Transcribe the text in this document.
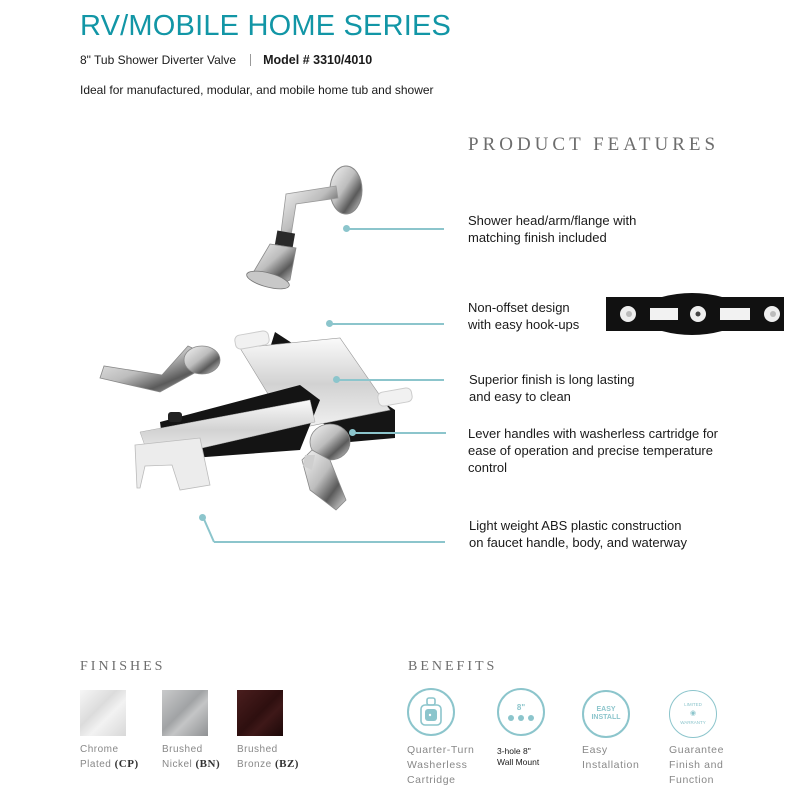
RV/MOBILE HOME SERIES
8" Tub Shower Diverter Valve Model # 3310/4010
Ideal for manufactured, modular, and mobile home tub and shower
PRODUCT FEATURES
Shower head/arm/flange with
matching finish included
Non-offset design
with easy hook-ups
Superior finish is long lasting
and easy to clean
Lever handles with washerless cartridge for
ease of operation and precise temperature
control
Light weight ABS plastic construction
on faucet handle, body, and waterway
FINISHES
Chrome
Plated (CP)
Brushed
Nickel (BN)
Brushed
Bronze (BZ)
BENEFITS
Quarter-Turn
Washerless
Cartridge
8"
3-hole 8"
Wall Mount
EASY
INSTALL
Easy
Installation
LIMITED
◉
WARRANTY
Guarantee
Finish and
Function
